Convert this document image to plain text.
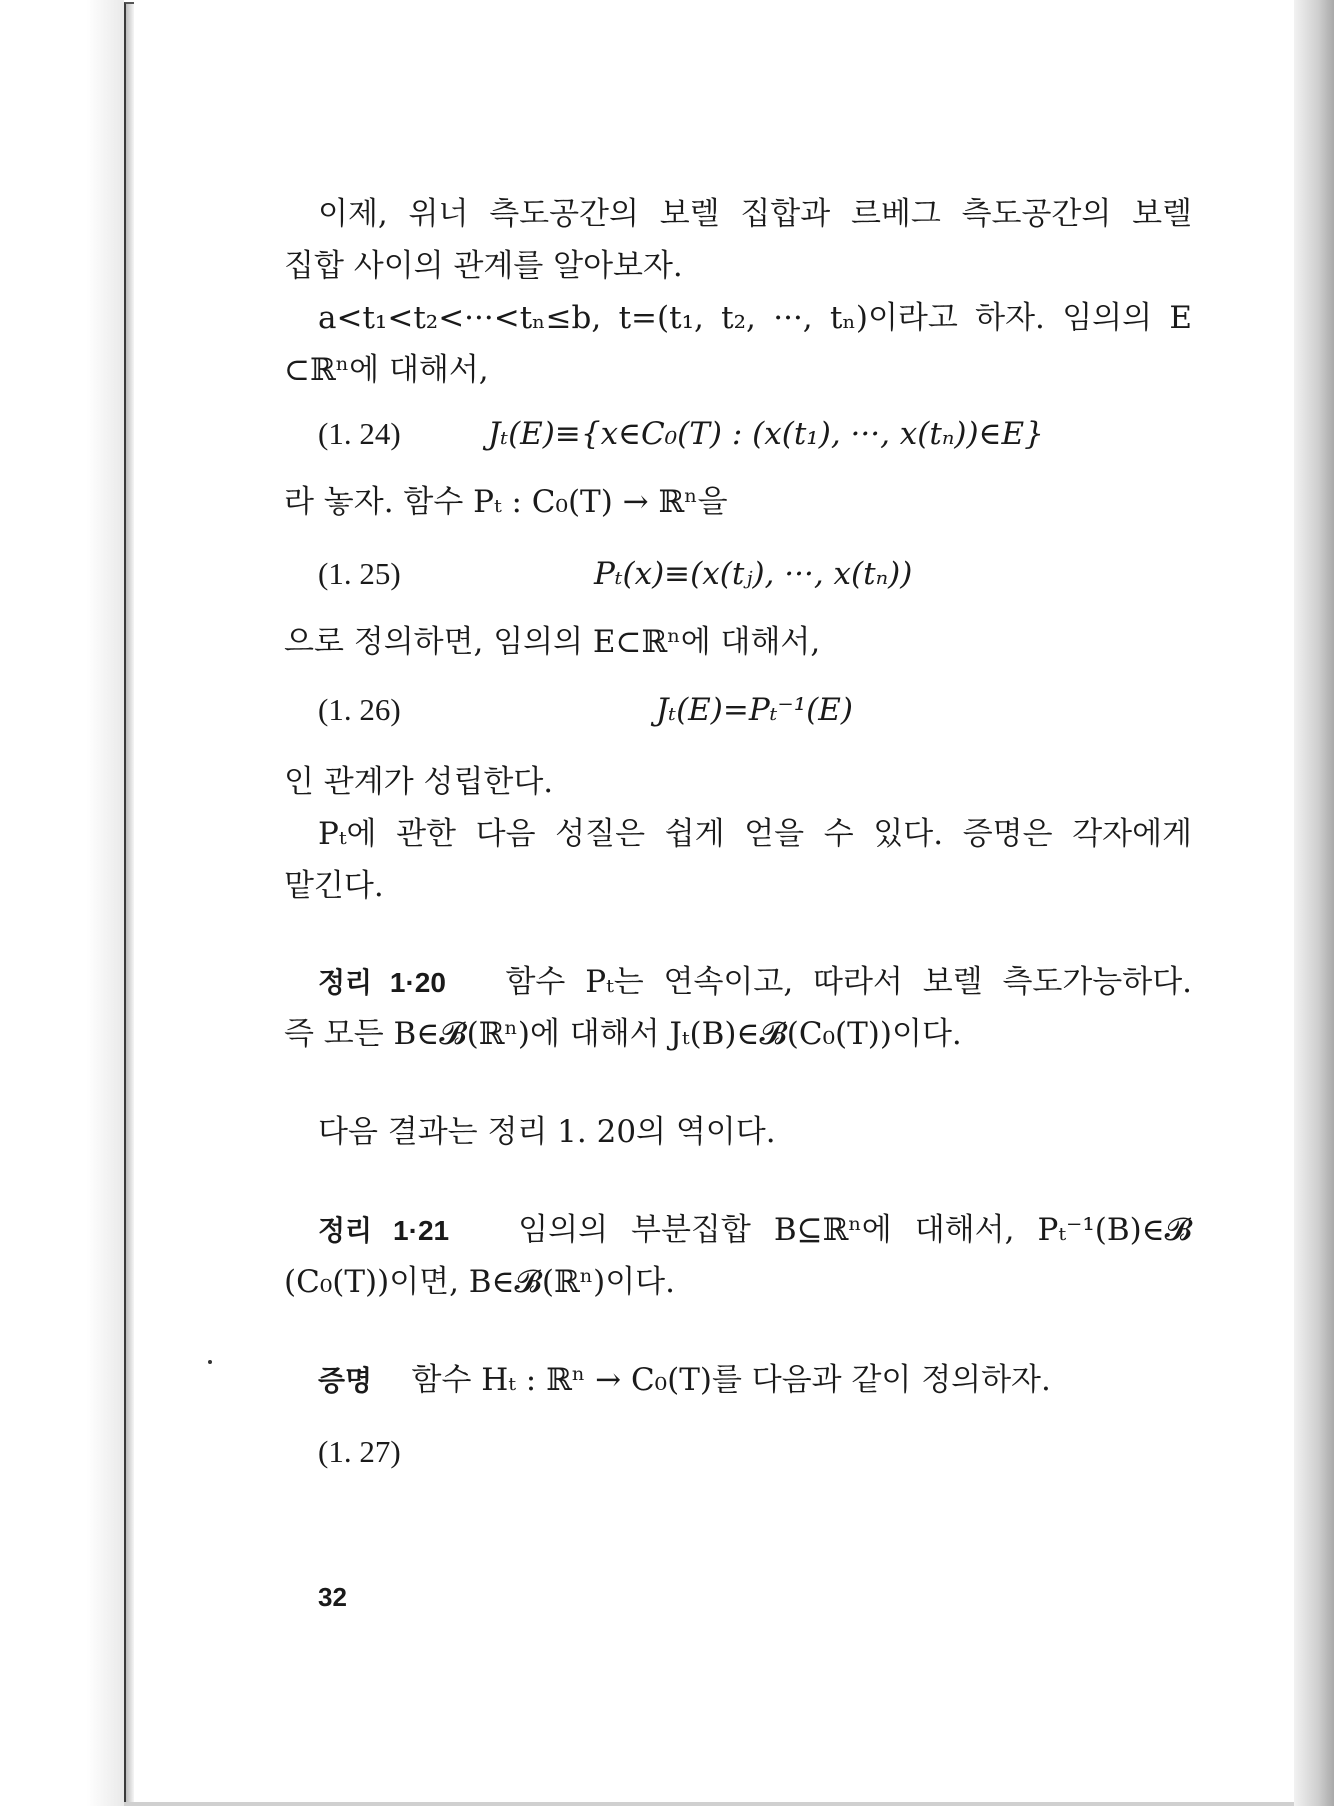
이제, 위너 측도공간의 보렐 집합과 르베그 측도공간의 보렐
집합 사이의 관계를 알아보자.
a<t₁<t₂<···<tₙ≤b, t=(t₁, t₂, ···, tₙ)이라고 하자. 임의의 E
⊂ℝⁿ에 대해서,
(1. 24)	Jₜ(E)≡{x∈C₀(T) : (x(t₁), ···, x(tₙ))∈E}
라 놓자. 함수 Pₜ : C₀(T) → ℝⁿ을
(1. 25)	Pₜ(x)≡(x(tⱼ), ···, x(tₙ))
으로 정의하면, 임의의 E⊂ℝⁿ에 대해서,
(1. 26)	Jₜ(E)=Pₜ⁻¹(E)
인 관계가 성립한다.
Pₜ에 관한 다음 성질은 쉽게 얻을 수 있다. 증명은 각자에게
맡긴다.
정리 1·20 함수 Pₜ는 연속이고, 따라서 보렐 측도가능하다.
즉 모든 B∈𝓑(ℝⁿ)에 대해서 Jₜ(B)∈𝓑(C₀(T))이다.
다음 결과는 정리 1. 20의 역이다.
정리 1·21 임의의 부분집합 B⊆ℝⁿ에 대해서, Pₜ⁻¹(B)∈𝓑
(C₀(T))이면, B∈𝓑(ℝⁿ)이다.
증명 함수 Hₜ : ℝⁿ → C₀(T)를 다음과 같이 정의하자.
(1. 27)
32
